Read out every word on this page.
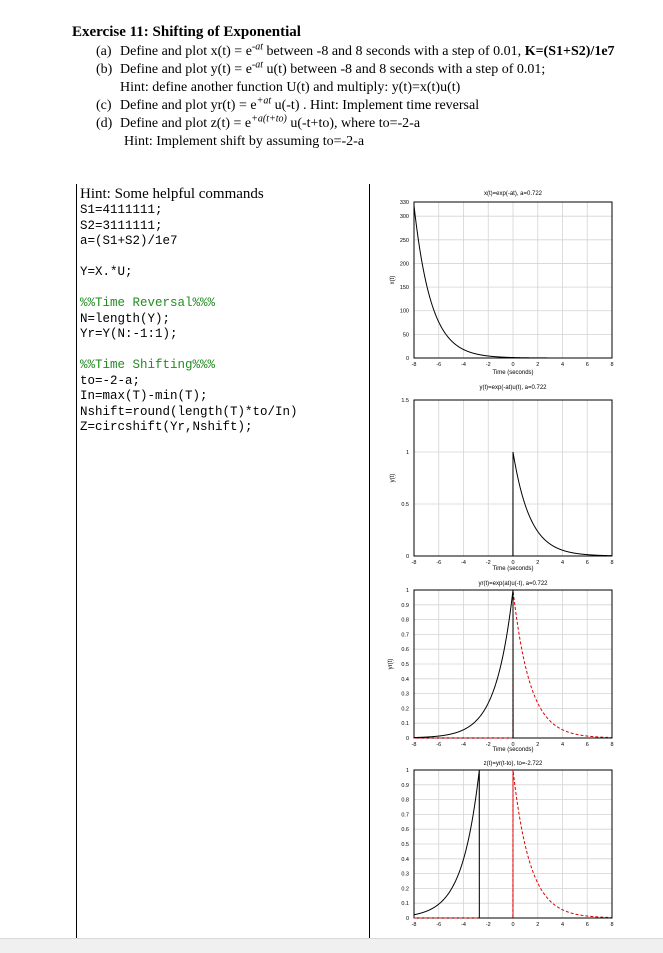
Exercise 11: Shifting of Exponential
(a) Define and plot $x(t) = e^{-at}$ between -8 and 8 seconds with a step of 0.01, K=(S1+S2)/1e7
(b) Define and plot $y(t) = e^{-at}$ u(t) between -8 and 8 seconds with a step of 0.01;
Hint: define another function U(t) and multiply: y(t)=x(t)u(t)
(c) Define and plot $yr(t) = e^{+at}$ u(-t) . Hint: Implement time reversal
(d) Define and plot $z(t) = e^{+a(t+to)}$ u(-t+to), where to=-2-a
Hint: Implement shift by assuming to=-2-a
Hint: Some helpful commands
S1=4111111;
S2=3111111;
a=(S1+S2)/1e7

Y=X.*U;

%%Time Reversal%%%
N=length(Y);
Yr=Y(N:-1:1);

%%Time Shifting%%%
to=-2-a;
In=max(T)-min(T);
Nshift=round(length(T)*to/In)
Z=circshift(Yr,Nshift);
-8	-6	-4	-2	0	2	4	6	8
0
50
100
150
200
250
300
330
x(t)=exp(-at), a=0.722
Time (seconds)
x(t)
-8	-6	-4	-2	0	2	4	6	8
0
0.5
1
1.5
y(t)=exp(-at)u(t), a=0.722
Time (seconds)
y(t)
-8	-6	-4	-2	0	2	4	6	8
0
0.1
0.2
0.3
0.4
0.5
0.6
0.7
0.8
0.9
1
yr(t)=exp(at)u(-t), a=0.722
Time (seconds)
yr(t)
-8	-6	-4	-2	0	2	4	6	8
0
0.1
0.2
0.3
0.4
0.5
0.6
0.7
0.8
0.9
1
z(t)=yr(t-to), to=-2.722
